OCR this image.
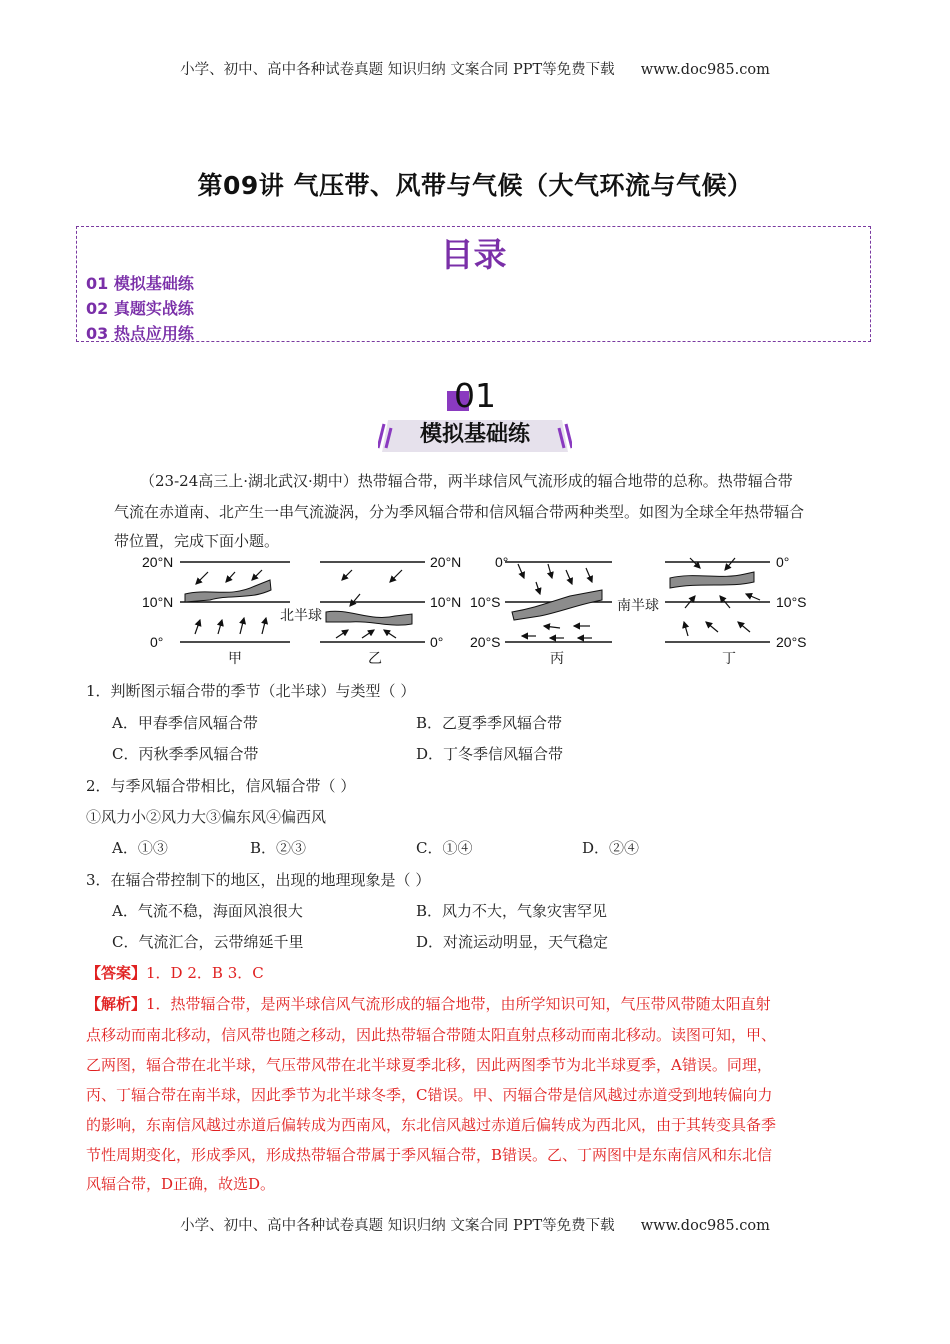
小学、初中、高中各种试卷真题 知识归纳 文案合同 PPT等免费下载 www.doc985.com
第09讲 气压带、风带与气候（大气环流与气候）
目录
01 模拟基础练
02 真题实战练
03 热点应用练
01
模拟基础练
（23-24高三上·湖北武汉·期中）热带辐合带，两半球信风气流形成的辐合地带的总称。热带辐合带
气流在赤道南、北产生一串气流漩涡，分为季风辐合带和信风辐合带两种类型。如图为全球全年热带辐合
带位置，完成下面小题。
20°N
10°N
0°
甲
北半球
20°N
10°N
0°
乙
0°
10°S
20°S
丙
南半球
0°
10°S
20°S
丁
1．判断图示辐合带的季节（北半球）与类型（ ）
A．甲春季信风辐合带	B．乙夏季季风辐合带
C．丙秋季季风辐合带	D．丁冬季信风辐合带
2．与季风辐合带相比，信风辐合带（ ）
①风力小②风力大③偏东风④偏西风
A．①③	B．②③	C．①④	D．②④
3．在辐合带控制下的地区，出现的地理现象是（ ）
A．气流不稳，海面风浪很大	B．风力不大，气象灾害罕见
C．气流汇合，云带绵延千里	D．对流运动明显，天气稳定
【答案】1．D 2．B 3．C
【解析】1．热带辐合带，是两半球信风气流形成的辐合地带，由所学知识可知，气压带风带随太阳直射
点移动而南北移动，信风带也随之移动，因此热带辐合带随太阳直射点移动而南北移动。读图可知，甲、
乙两图，辐合带在北半球，气压带风带在北半球夏季北移，因此两图季节为北半球夏季，A错误。同理，
丙、丁辐合带在南半球，因此季节为北半球冬季，C错误。甲、丙辐合带是信风越过赤道受到地转偏向力
的影响，东南信风越过赤道后偏转成为西南风，东北信风越过赤道后偏转成为西北风，由于其转变具备季
节性周期变化，形成季风，形成热带辐合带属于季风辐合带，B错误。乙、丁两图中是东南信风和东北信
风辐合带，D正确，故选D。
小学、初中、高中各种试卷真题 知识归纳 文案合同 PPT等免费下载 www.doc985.com
